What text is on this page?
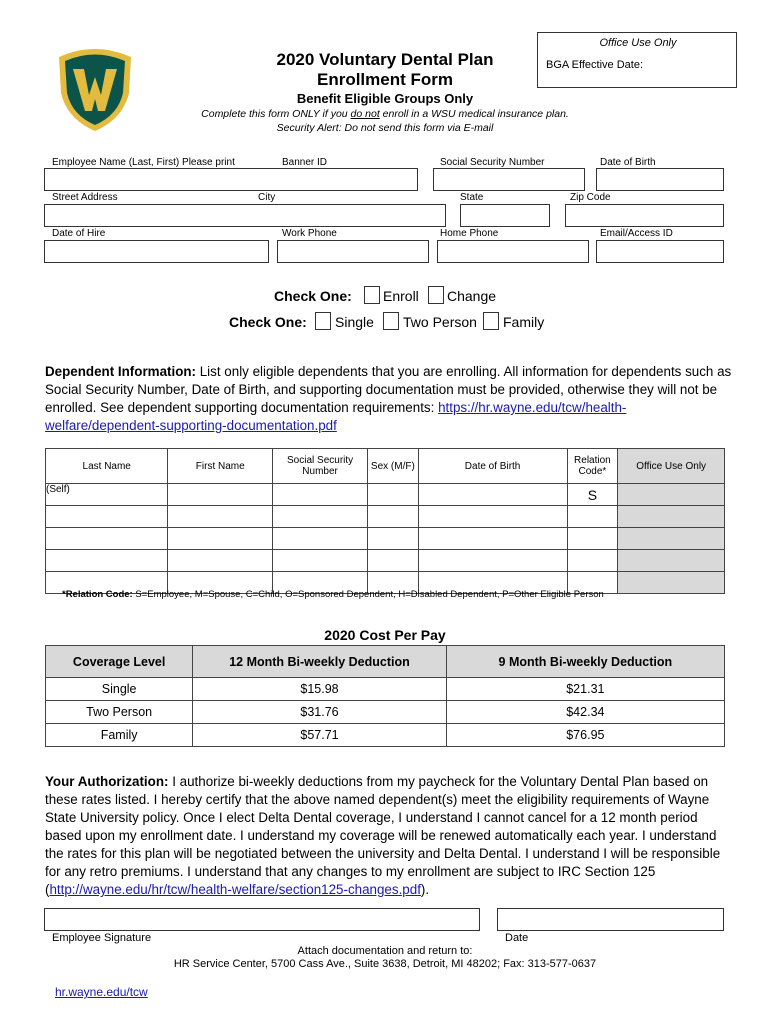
2020 Voluntary Dental Plan
Enrollment Form
Benefit Eligible Groups Only
Complete this form ONLY if you do not enroll in a WSU medical insurance plan.
Security Alert: Do not send this form via E-mail
Office Use Only
BGA Effective Date:
Employee Name (Last, First) Please print	Banner ID	Social Security Number	Date of Birth
Street Address	City	State	Zip Code
Date of Hire	Work Phone	Home Phone	Email/Access ID
Check One: Enroll Change
Check One: Single Two Person Family
Dependent Information: List only eligible dependents that you are enrolling. All information for dependents such as Social Security Number, Date of Birth, and supporting documentation must be provided, otherwise they will not be enrolled. See dependent supporting documentation requirements: https://hr.wayne.edu/tcw/health-welfare/dependent-supporting-documentation.pdf
Last Name	First Name	Social Security Number	Sex (M/F)	Date of Birth	Relation Code*	Office Use Only
(Self)					S	

*Relation Code: S=Employee, M=Spouse, C=Child, O=Sponsored Dependent, H=Disabled Dependent, P=Other Eligible Person
2020 Cost Per Pay
Coverage Level	12 Month Bi-weekly Deduction	9 Month Bi-weekly Deduction
Single	$15.98	$21.31
Two Person	$31.76	$42.34
Family	$57.71	$76.95
Your Authorization: I authorize bi-weekly deductions from my paycheck for the Voluntary Dental Plan based on these rates listed. I hereby certify that the above named dependent(s) meet the eligibility requirements of Wayne State University policy. Once I elect Delta Dental coverage, I understand I cannot cancel for a 12 month period based upon my enrollment date. I understand my coverage will be renewed automatically each year. I understand the rates for this plan will be negotiated between the university and Delta Dental. I understand I will be responsible for any retro premiums. I understand that any changes to my enrollment are subject to IRC Section 125 (http://wayne.edu/hr/tcw/health-welfare/section125-changes.pdf).
Employee Signature	Date
Attach documentation and return to:
HR Service Center, 5700 Cass Ave., Suite 3638, Detroit, MI 48202; Fax: 313-577-0637
hr.wayne.edu/tcw
